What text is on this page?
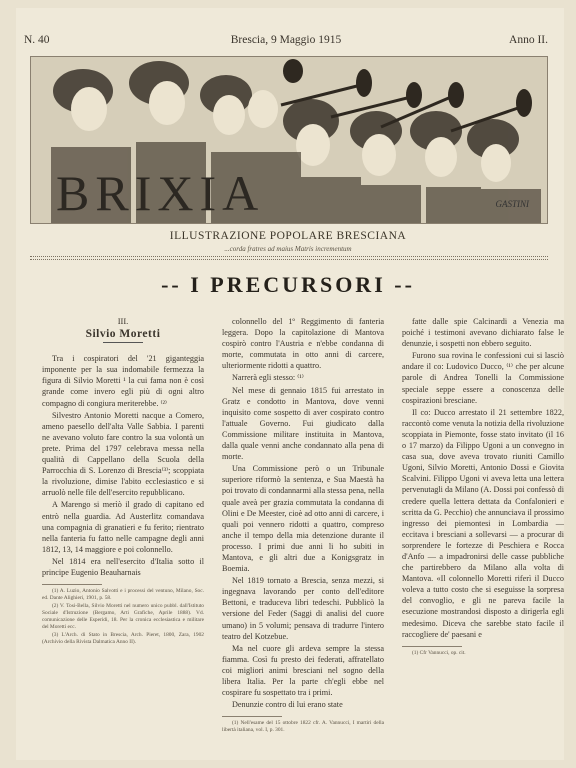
N. 40	Brescia, 9 Maggio 1915	Anno II.
GASTINI
BRIXIA
ILLUSTRAZIONE POPOLARE BRESCIANA
...corda fratres ad maius Matris incrementum
-- I PRECURSORI --
III.
Silvio Moretti

Tra i cospiratori del '21 giganteggia imponente per la sua indomabile fermezza la figura di Silvio Moretti ¹ la cui fama non è così grande come invero egli più di ogni altro compagno di congiura meriterebbe. ⁽²⁾

Silvestro Antonio Moretti nacque a Comero, ameno paesello dell'alta Valle Sabbia. I parenti ne avevano voluto fare contro la sua volontà un prete. Prima del 1797 celebrava messa nella qualità di Cappellano della Scuola della Parrocchia di S. Lorenzo di Brescia⁽³⁾; scoppiata la rivoluzione, dimise l'abito ecclesiastico e si arruolò nelle file dell'esercito repubblicano.

A Marengo si merìò il grado di capitano ed entrò nella guardia. Ad Austerlitz comandava una compagnia di granatieri e fu ferito; rientrato nella fanteria fu fatto nelle campagne degli anni 1812, 13, 14 maggiore e poi colonnello.

Nel 1814 era nell'esercito d'Italia sotto il principe Eugenio Beauharnais

(1) A. Luzio, Antonio Salvotti e i processi del ventuno, Milano, Soc. ed. Dante Alighieri, 1901, p. 58.

(2) V. Tosi-Bella, Silvio Moretti nel numero unico pubbl. dall'Istituto Sociale d'Istruzione (Bergamo, Arti Grafiche, Aprile 1888). Vd. comunicazione delle Esperidi, 18. Per la cronica ecclesiastica e militare del Moretti ecc.

(3) L'Arch. di Stato in Brescia, Arch. Pieret, 1800, Zara, 1902 (Archivio della Rivista Dalmatica Anno II).

colonnello del 1º Reggimento di fanteria leggera. Dopo la capitolazione di Mantova cospirò contro l'Austria e n'ebbe condanna di morte, commutata in otto anni di carcere, ulteriormente ridotti a quattro.

Narrerà egli stesso: ⁽¹⁾

Nel mese di gennaio 1815 fui arrestato in Gratz e condotto in Mantova, dove venni inquisito come sospetto di aver cospirato contro l'attuale Governo. Fui giudicato dalla Commissione militare instituita in Mantova, dalla quale venni anche condannato alla pena di morte.

Una Commissione però o un Tribunale superiore riformò la sentenza, e Sua Maestà ha poi trovato di condannarmi alla stessa pena, nella quale aveà per grazia commutata la condanna di Olini e De Meester, cioè ad otto anni di carcere, i quali poi vennero ridotti a quattro, compreso anche il tempo della mia detenzione durante il processo. I primi due anni li ho subiti in Mantova, e gli altri due a Konigsgratz in Boemia.

Nel 1819 tornato a Brescia, senza mezzi, si ingegnava lavorando per conto dell'editore Bettoni, e traduceva libri tedeschi. Pubblicò la versione del Feder (Saggi di analisi del cuore umano) in 5 volumi; pensava di tradurre l'intero teatro del Kotzebue.

Ma nel cuore gli ardeva sempre la stessa fiamma. Così fu presto dei federati, affratellato coi migliori animi bresciani nel sogno della libera Italia. Per la parte ch'egli ebbe nel cospirare fu sospettato tra i primi.

Denunzie contro di lui erano state

(1) Nell'esame del 15 ottobre 1822 cfr. A. Vannucci, I martiri della libertà italiana, vol. I, p. 301.

fatte dalle spie Calcinardi a Venezia ma poiché i testimoni avevano dichiarato false le denunzie, i sospetti non ebbero seguito.

Furono sua rovina le confessioni cui si lasciò andare il co: Ludovico Ducco, ⁽¹⁾ che per alcune parole di Andrea Tonelli la Commissione speciale seppe essere a conoscenza delle cospirazioni bresciane.

Il co: Ducco arrestato il 21 settembre 1822, raccontò come venuta la notizia della rivoluzione scoppiata in Piemonte, fosse stato invitato (il 16 o 17 marzo) da Filippo Ugoni a un convegno in casa sua, dove aveva trovato riuniti Camillo Ugoni, Silvio Moretti, Antonio Dossi e Giovita Scalvini. Filippo Ugoni vi aveva letta una lettera pervenutagli da Milano (A. Dossi poi confessò di credere quella lettera dettata da Confalonieri e scritta da G. Pecchio) che annunciava il prossimo ingresso dei piemontesi in Lombardia — eccitava i bresciani a sollevarsi — a procurar di sorprendere le fortezze di Peschiera e Rocca d'Anfo — a impadronirsi delle casse pubbliche che partirebbero da Milano alla volta di Mantova. «Il colonnello Moretti riferì il Ducco voleva a tutto costo che si eseguisse la sorpresa del convoglio, e gli ne pareva facile la esecuzione mostrandosi disposto a dirigerla egli medesimo. Diceva che sarebbe stato facile il raccogliere de' paesani e

(1) Cfr Vannucci, op. cit.
